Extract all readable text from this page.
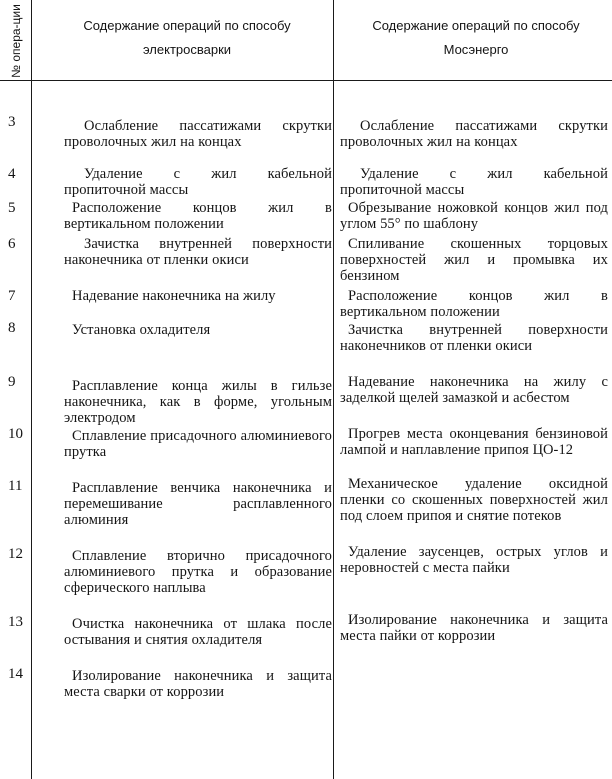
№ опера-ции	Содержание операций по способу электросварки
Содержание операций по способу Мосэнерго
3
4
5
6
7
8
9
10
11
12
13
14
Ослабление пассатижами скрутки проволочных жил на концах
Удаление с жил кабельной пропиточной массы
Расположение концов жил в вертикальном положении
Зачистка внутренней поверхности наконечника от пленки окиси
Надевание наконечника на жилу
Установка охладителя
Расплавление конца жилы в гильзе наконечника, как в форме, угольным электродом
Сплавление присадочного алюминиевого прутка
Расплавление венчика наконечника и перемешивание расплавленного алюминия
Сплавление вторично присадочного алюминиевого прутка и образование сферического наплыва
Очистка наконечника от шлака после остывания и снятия охладителя
Изолирование наконечника и защита места сварки от коррозии
Ослабление пассатижами скрутки проволочных жил на концах
Удаление с жил кабельной пропиточной массы
Обрезывание ножовкой концов жил под углом 55° по шаблону
Спиливание скошенных торцовых поверхностей жил и промывка их бензином
Расположение концов жил в вертикальном положении
Зачистка внутренней поверхности наконечников от пленки окиси
Надевание наконечника на жилу с заделкой щелей замазкой и асбестом
Прогрев места оконцевания бензиновой лампой и наплавление припоя ЦО-12
Механическое удаление оксидной пленки со скошенных поверхностей жил под слоем припоя и снятие потеков
Удаление заусенцев, острых углов и неровностей с места пайки
Изолирование наконечника и защита места пайки от коррозии
